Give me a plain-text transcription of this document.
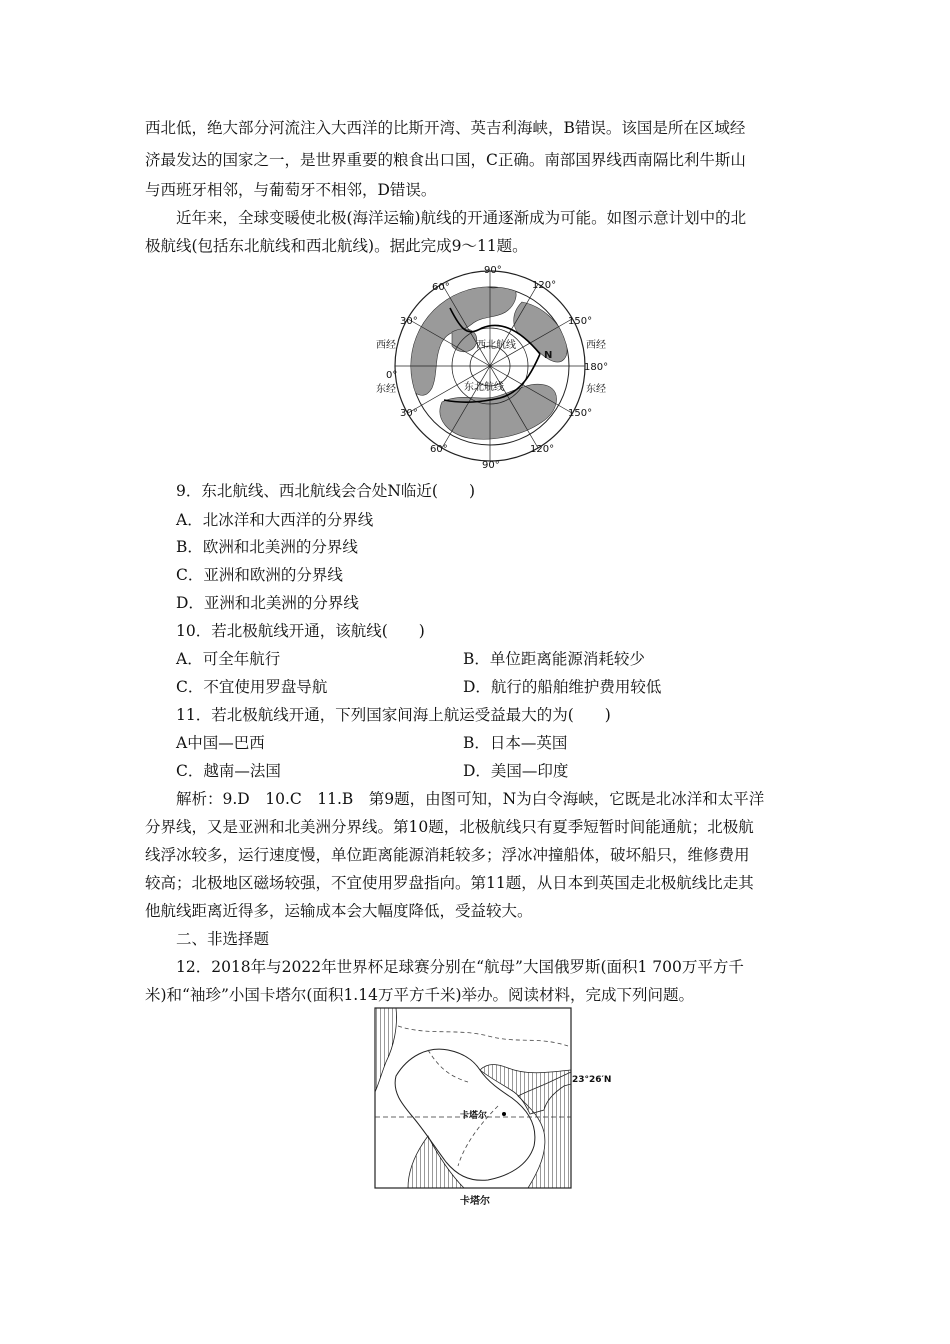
西北低，绝大部分河流注入大西洋的比斯开湾、英吉利海峡，B错误。该国是所在区域经
济最发达的国家之一，是世界重要的粮食出口国，C正确。南部国界线西南隔比利牛斯山
与西班牙相邻，与葡萄牙不相邻，D错误。
近年来，全球变暖使北极(海洋运输)航线的开通逐渐成为可能。如图示意计划中的北
极航线(包括东北航线和西北航线)。据此完成9～11题。
90°
120°
150°
60°
30°
0°
30°
60°
90°
120°
150°
西经
东经
西经
180°
东经
西北航线
东北航线
N
9．东北航线、西北航线会合处N临近(　　)
A．北冰洋和大西洋的分界线
B．欧洲和北美洲的分界线
C．亚洲和欧洲的分界线
D．亚洲和北美洲的分界线
10．若北极航线开通，该航线(　　)
A．可全年航行	B．单位距离能源消耗较少
C．不宜使用罗盘导航	D．航行的船舶维护费用较低
11．若北极航线开通，下列国家间海上航运受益最大的为(　　)
A中国—巴西	B．日本—英国
C．越南—法国	D．美国—印度
解析：9.D　10.C　11.B　第9题，由图可知，N为白令海峡，它既是北冰洋和太平洋
分界线，又是亚洲和北美洲分界线。第10题，北极航线只有夏季短暂时间能通航；北极航
线浮冰较多，运行速度慢，单位距离能源消耗较多；浮冰冲撞船体，破坏船只，维修费用
较高；北极地区磁场较强，不宜使用罗盘指向。第11题，从日本到英国走北极航线比走其
他航线距离近得多，运输成本会大幅度降低，受益较大。
二、非选择题
12．2018年与2022年世界杯足球赛分别在“航母”大国俄罗斯(面积1 700万平方千
米)和“袖珍”小国卡塔尔(面积1.14万平方千米)举办。阅读材料，完成下列问题。
卡塔尔
23°26′N
卡塔尔
